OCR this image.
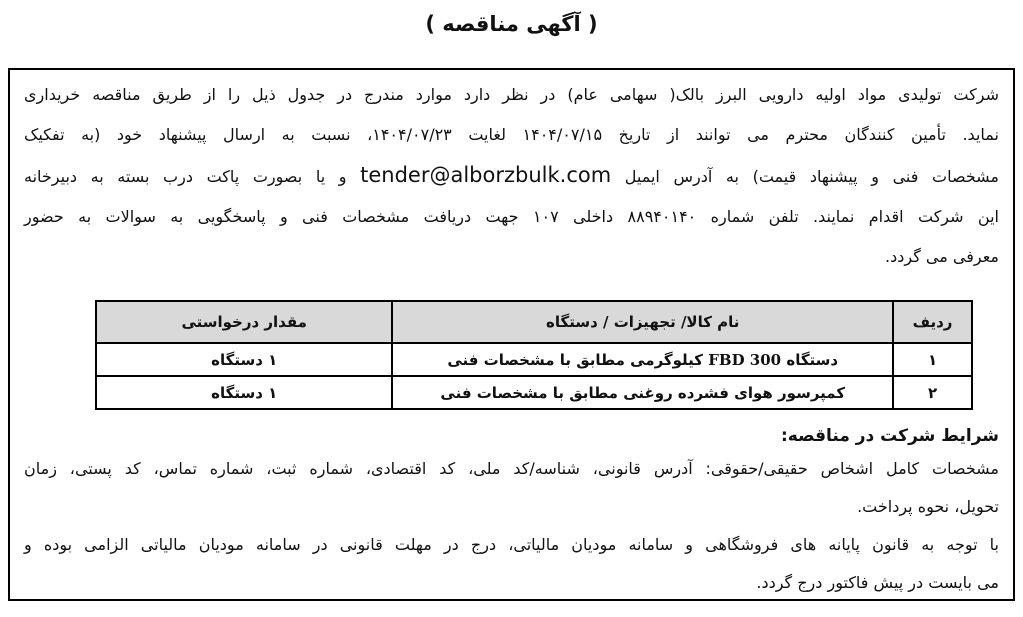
( آگهی مناقصه )
شرکت تولیدی مواد اولیه دارویی البرز بالک( سهامی عام) در نظر دارد موارد مندرج در جدول ذیل را از طریق مناقصه خریداری
نماید. تأمین کنندگان محترم می توانند از تاریخ ۱۴۰۴/۰۷/۱۵ لغایت ۱۴۰۴/۰۷/۲۳، نسبت به ارسال پیشنهاد خود (به تفکیک
مشخصات فنی و پیشنهاد قیمت) به آدرس ایمیل tender@alborzbulk.com و یا بصورت پاکت درب بسته به دبیرخانه
این شرکت اقدام نمایند. تلفن شماره ۸۸۹۴۰۱۴۰ داخلی ۱۰۷ جهت دریافت مشخصات فنی و پاسخگویی به سوالات به حضور
معرفی می گردد.
ردیف	نام کالا/ تجهیزات / دستگاه	مقدار درخواستی
۱	دستگاه FBD 300 کیلوگرمی مطابق با مشخصات فنی	۱ دستگاه
۲	کمپرسور هوای فشرده روغنی مطابق با مشخصات فنی	۱ دستگاه
شرایط شرکت در مناقصه:
مشخصات کامل اشخاص حقیقی/حقوقی: آدرس قانونی، شناسه/کد ملی، کد اقتصادی، شماره ثبت، شماره تماس، کد پستی، زمان
تحویل، نحوه پرداخت.
با توجه به قانون پایانه های فروشگاهی و سامانه مودیان مالیاتی، درج در مهلت قانونی در سامانه مودیان مالیاتی الزامی بوده و
می بایست در پیش فاکتور درج گردد.
